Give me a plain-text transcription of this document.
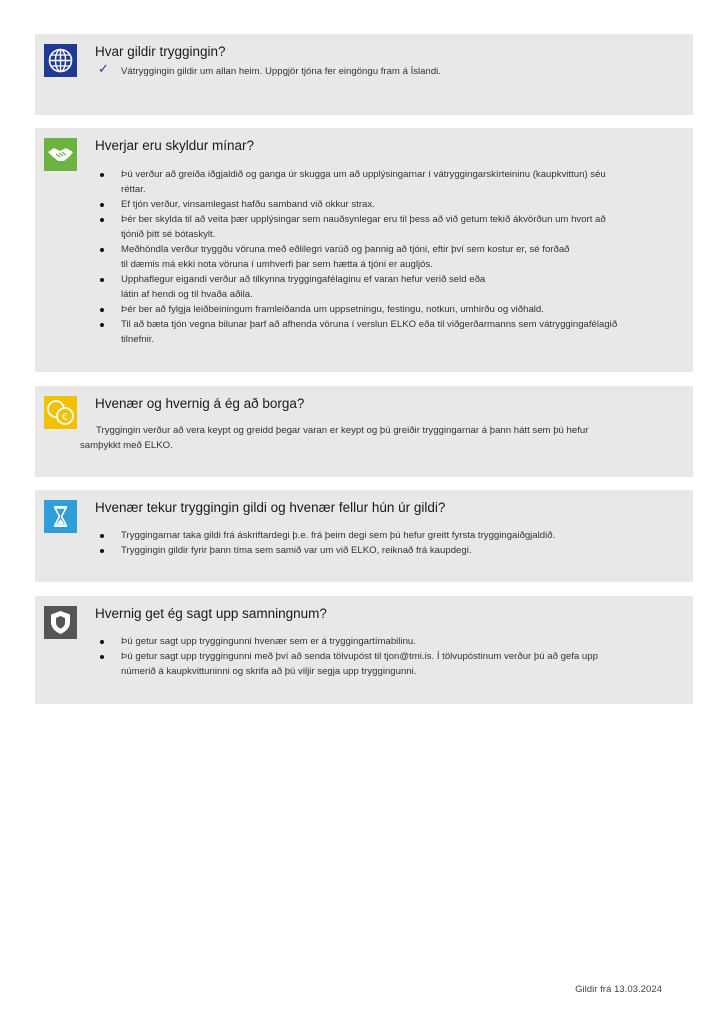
Hvar gildir tryggingin?
✓ Vátryggingin gildir um allan heim. Uppgjör tjóna fer eingöngu fram á Íslandi.
Hverjar eru skyldur mínar?
Þú verður að greiða iðgjaldið og ganga úr skugga um að upplýsingarnar í vátryggingarskírteininu (kaupkvittun) séu
réttar.
Ef tjón verður, vinsamlegast hafðu samband við okkur strax.
Þér ber skylda til að veita þær upplýsingar sem nauðsynlegar eru til þess að við getum tekið ákvörðun um hvort að
tjónið þitt sé bótaskylt.
Meðhöndla verður tryggðu vöruna með eðlilegri varúð og þannig að tjóni, eftir því sem kostur er, sé forðað
til dæmis má ekki nota vöruna í umhverfi þar sem hætta á tjóni er augljós.
Upphaflegur eigandi verður að tilkynna tryggingafélaginu ef varan hefur verið seld eða
látin af hendi og til hvaða aðila.
Þér ber að fylgja leiðbeiningum framleiðanda um uppsetningu, festingu, notkun, umhirðu og viðhald.
Til að bæta tjón vegna bilunar þarf að afhenda vöruna í verslun ELKO eða til viðgerðarmanns sem vátryggingafélagið
tilnefnir.
€
Hvenær og hvernig á ég að borga?
Tryggingin verður að vera keypt og greidd þegar varan er keypt og þú greiðir tryggingarnar á þann hátt sem þú hefur
samþykkt með ELKO.
Hvenær tekur tryggingin gildi og hvenær fellur hún úr gildi?
Tryggingarnar taka gildi frá áskriftardegi þ.e. frá þeim degi sem þú hefur greitt fyrsta tryggingaiðgjaldið.
Tryggingin gildir fyrir þann tíma sem samið var um við ELKO, reiknað frá kaupdegi.
Hvernig get ég sagt upp samningnum?
Þú getur sagt upp tryggingunni hvenær sem er á tryggingartímabilinu.
Þú getur sagt upp tryggingunni með því að senda tölvupóst til tjon@tmi.is. Í tölvupóstinum verður þú að gefa upp
númerið á kaupkvittuninni og skrifa að þú viljir segja upp tryggingunni.
Gildir frá 13.03.2024
